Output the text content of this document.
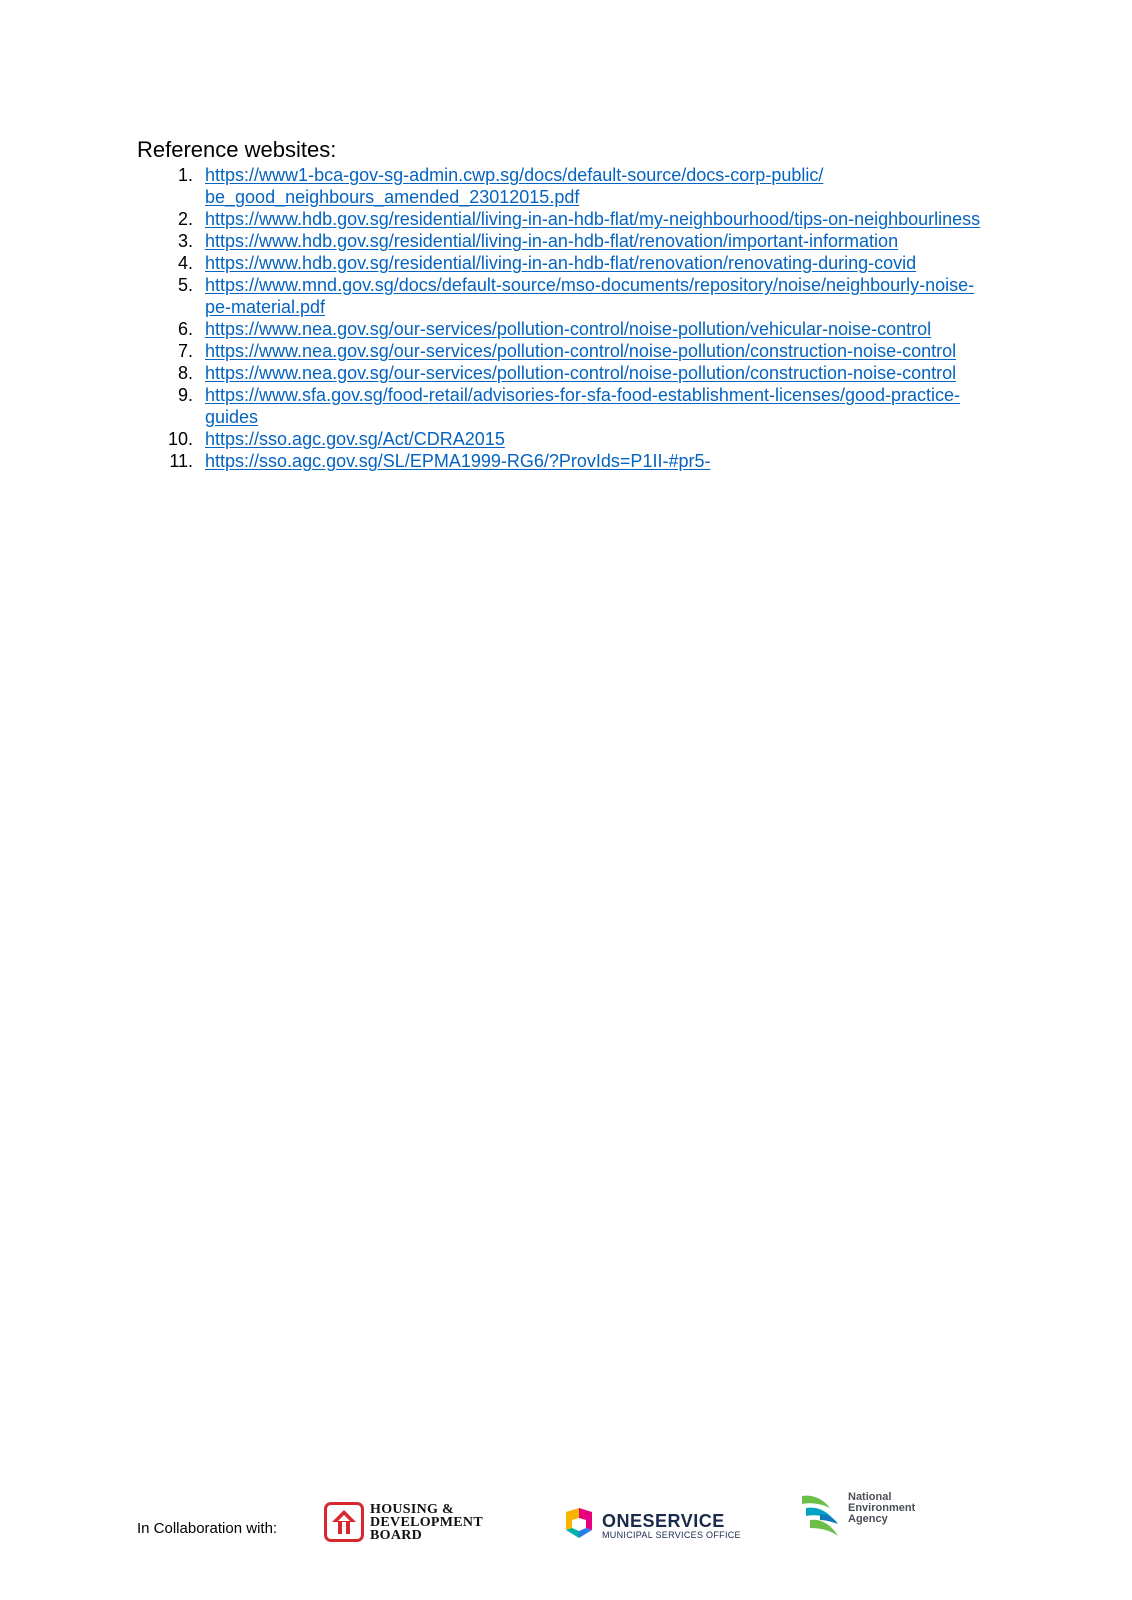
Reference websites:
1. https://www1-bca-gov-sg-admin.cwp.sg/docs/default-source/docs-corp-public/be_good_neighbours_amended_23012015.pdf
2. https://www.hdb.gov.sg/residential/living-in-an-hdb-flat/my-neighbourhood/tips-on-neighbourliness
3. https://www.hdb.gov.sg/residential/living-in-an-hdb-flat/renovation/important-information
4. https://www.hdb.gov.sg/residential/living-in-an-hdb-flat/renovation/renovating-during-covid
5. https://www.mnd.gov.sg/docs/default-source/mso-documents/repository/noise/neighbourly-noise-pe-material.pdf
6. https://www.nea.gov.sg/our-services/pollution-control/noise-pollution/vehicular-noise-control
7. https://www.nea.gov.sg/our-services/pollution-control/noise-pollution/construction-noise-control
8. https://www.nea.gov.sg/our-services/pollution-control/noise-pollution/construction-noise-control
9. https://www.sfa.gov.sg/food-retail/advisories-for-sfa-food-establishment-licenses/good-practice-guides
10. https://sso.agc.gov.sg/Act/CDRA2015
11. https://sso.agc.gov.sg/SL/EPMA1999-RG6/?ProvIds=P1II-#pr5-
In Collaboration with:
HOUSING &
DEVELOPMENT
BOARD
ONESERVICE
MUNICIPAL SERVICES OFFICE
National
Environment
Agency
